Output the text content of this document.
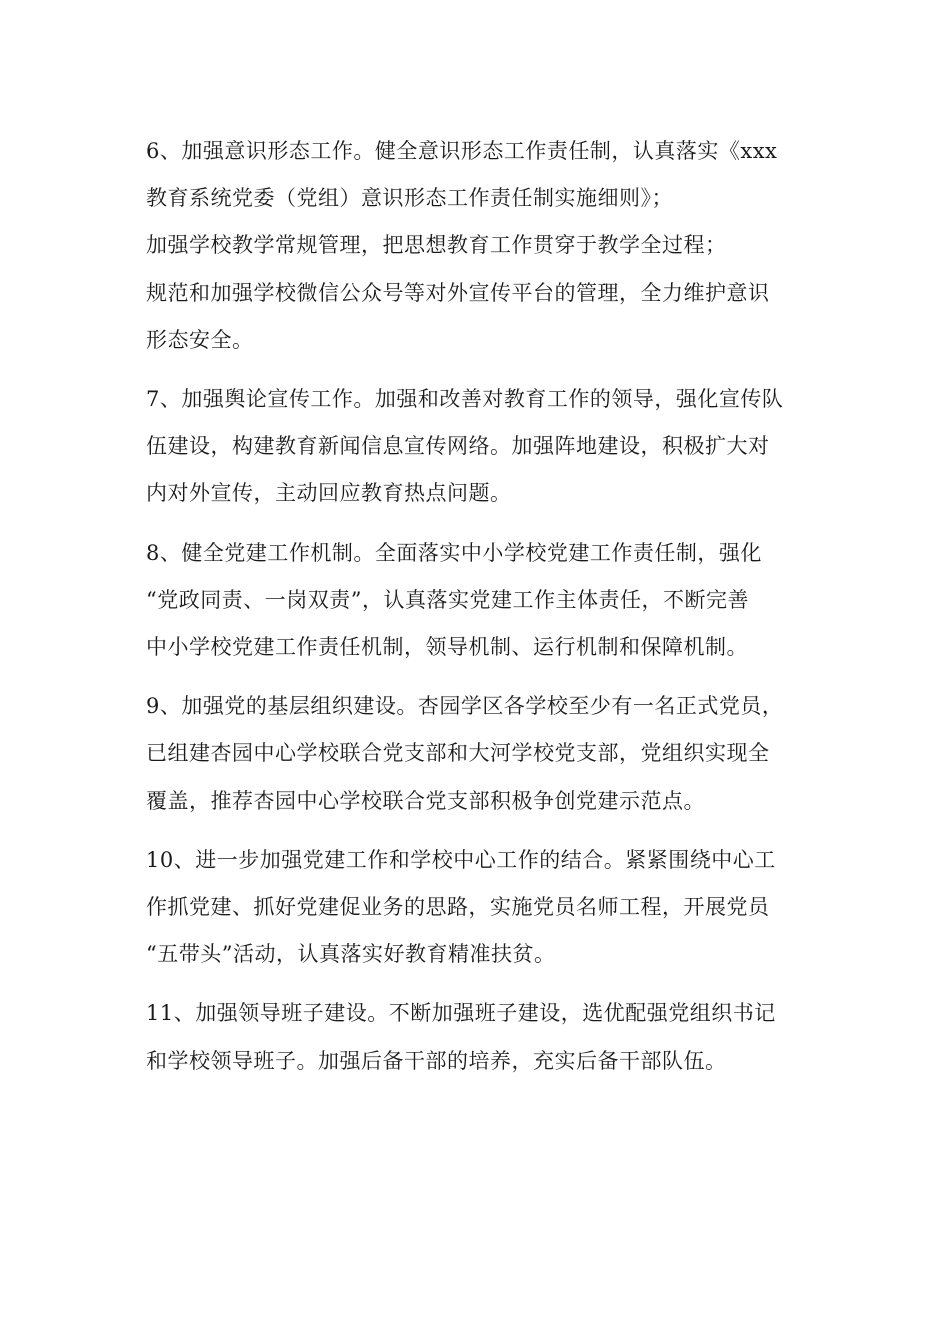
6、加强意识形态工作。健全意识形态工作责任制，认真落实《xxx
教育系统党委（党组）意识形态工作责任制实施细则》；
加强学校教学常规管理，把思想教育工作贯穿于教学全过程；
规范和加强学校微信公众号等对外宣传平台的管理，全力维护意识
形态安全。
7、加强舆论宣传工作。加强和改善对教育工作的领导，强化宣传队
伍建设，构建教育新闻信息宣传网络。加强阵地建设，积极扩大对
内对外宣传，主动回应教育热点问题。
8、健全党建工作机制。全面落实中小学校党建工作责任制，强化
“党政同责、一岗双责”，认真落实党建工作主体责任，不断完善
中小学校党建工作责任机制，领导机制、运行机制和保障机制。
9、加强党的基层组织建设。杏园学区各学校至少有一名正式党员，
已组建杏园中心学校联合党支部和大河学校党支部，党组织实现全
覆盖，推荐杏园中心学校联合党支部积极争创党建示范点。
10、进一步加强党建工作和学校中心工作的结合。紧紧围绕中心工
作抓党建、抓好党建促业务的思路，实施党员名师工程，开展党员
“五带头”活动，认真落实好教育精准扶贫。
11、加强领导班子建设。不断加强班子建设，选优配强党组织书记
和学校领导班子。加强后备干部的培养，充实后备干部队伍。
